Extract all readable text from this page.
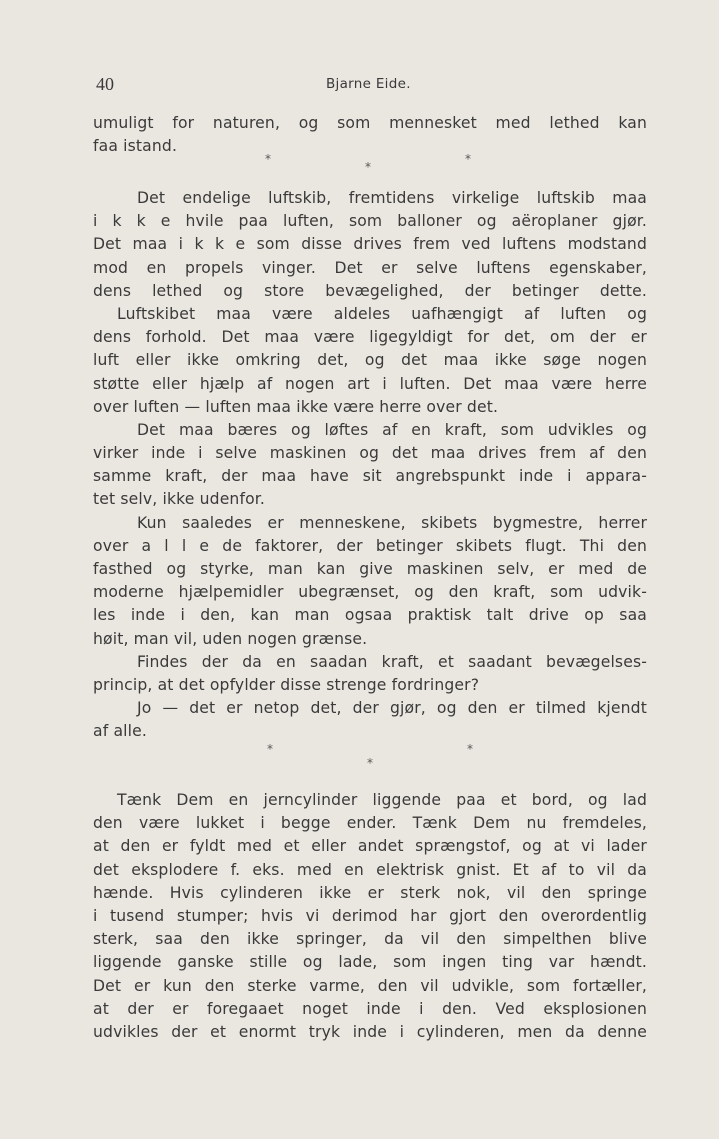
40	Bjarne Eide.
umuligt for naturen, og som mennesket med lethed kan
faa istand.
*
*
*
Det endelige luftskib, fremtidens virkelige luftskib maa
i k k e hvile paa luften, som balloner og aëroplaner gjør.
Det maa i k k e som disse drives frem ved luftens modstand
mod en propels vinger. Det er selve luftens egenskaber,
dens lethed og store bevægelighed, der betinger dette.
Luftskibet maa være aldeles uafhængigt af luften og
dens forhold. Det maa være ligegyldigt for det, om der er
luft eller ikke omkring det, og det maa ikke søge nogen
støtte eller hjælp af nogen art i luften. Det maa være herre
over luften — luften maa ikke være herre over det.
Det maa bæres og løftes af en kraft, som udvikles og
virker inde i selve maskinen og det maa drives frem af den
samme kraft, der maa have sit angrebspunkt inde i appara-
tet selv, ikke udenfor.
Kun saaledes er menneskene, skibets bygmestre, herrer
over a l l e de faktorer, der betinger skibets flugt. Thi den
fasthed og styrke, man kan give maskinen selv, er med de
moderne hjælpemidler ubegrænset, og den kraft, som udvik-
les inde i den, kan man ogsaa praktisk talt drive op saa
høit, man vil, uden nogen grænse.
Findes der da en saadan kraft, et saadant bevægelses-
princip, at det opfylder disse strenge fordringer?
Jo — det er netop det, der gjør, og den er tilmed kjendt
af alle.
*	*
*
Tænk Dem en jerncylinder liggende paa et bord, og lad
den være lukket i begge ender. Tænk Dem nu fremdeles,
at den er fyldt med et eller andet sprængstof, og at vi lader
det eksplodere f. eks. med en elektrisk gnist. Et af to vil da
hænde. Hvis cylinderen ikke er sterk nok, vil den springe
i tusend stumper; hvis vi derimod har gjort den overordentlig
sterk, saa den ikke springer, da vil den simpelthen blive
liggende ganske stille og lade, som ingen ting var hændt.
Det er kun den sterke varme, den vil udvikle, som fortæller,
at der er foregaaet noget inde i den. Ved eksplosionen
udvikles der et enormt tryk inde i cylinderen, men da denne
